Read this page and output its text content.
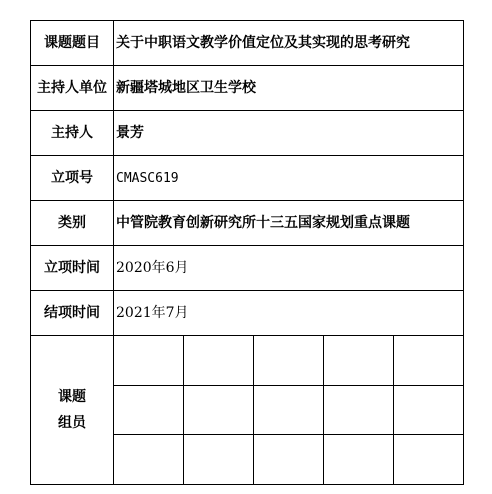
课题题目	关于中职语文教学价值定位及其实现的思考研究
主持人单位	新疆塔城地区卫生学校
主持人	景芳
立项号	CMASC619
类别	中管院教育创新研究所十三五国家规划重点课题
立项时间	2020年6月
结项时间	2021年7月
课题
组员	
